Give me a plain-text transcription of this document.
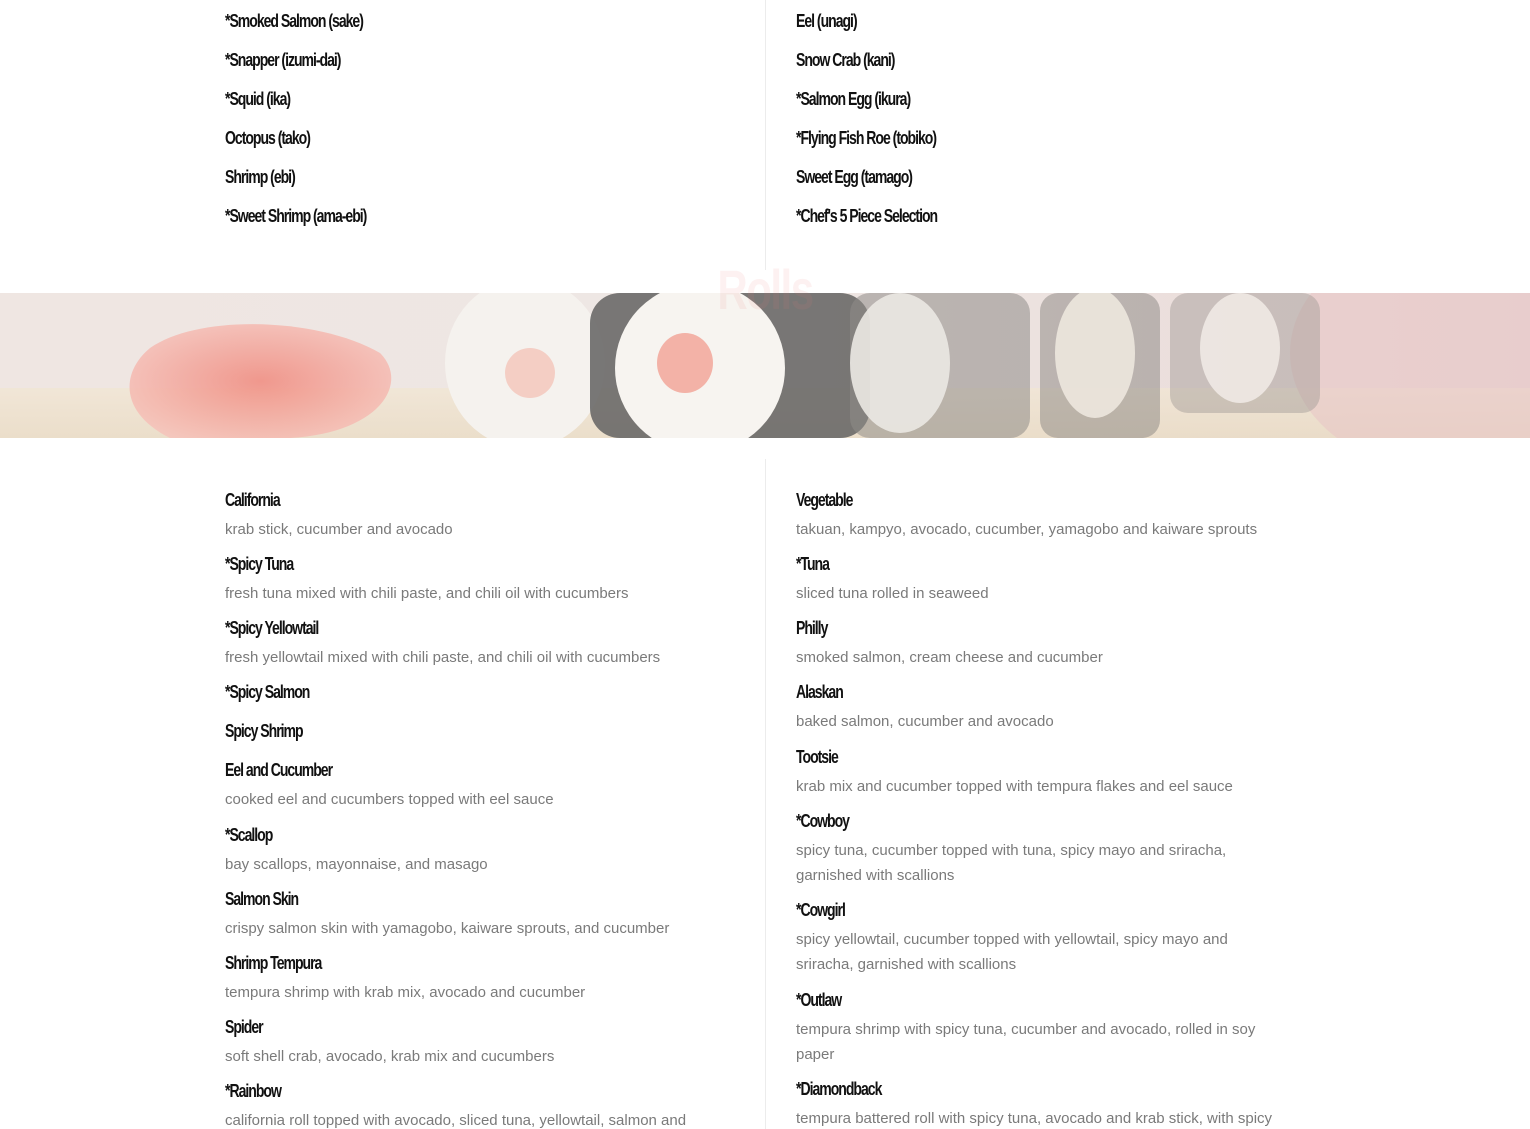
*Smoked Salmon (sake)
*Snapper (izumi-dai)
*Squid (ika)
Octopus (tako)
Shrimp (ebi)
*Sweet Shrimp (ama-ebi)
Eel (unagi)
Snow Crab (kani)
*Salmon Egg (ikura)
*Flying Fish Roe (tobiko)
Sweet Egg (tamago)
*Chef's 5 Piece Selection
Rolls
California
krab stick, cucumber and avocado
*Spicy Tuna
fresh tuna mixed with chili paste, and chili oil with cucumbers
*Spicy Yellowtail
fresh yellowtail mixed with chili paste, and chili oil with cucumbers
*Spicy Salmon
Spicy Shrimp
Eel and Cucumber
cooked eel and cucumbers topped with eel sauce
*Scallop
bay scallops, mayonnaise, and masago
Salmon Skin
crispy salmon skin with yamagobo, kaiware sprouts, and cucumber
Shrimp Tempura
tempura shrimp with krab mix, avocado and cucumber
Spider
soft shell crab, avocado, krab mix and cucumbers
*Rainbow
california roll topped with avocado, sliced tuna, yellowtail, salmon and
Vegetable
takuan, kampyo, avocado, cucumber, yamagobo and kaiware sprouts
*Tuna
sliced tuna rolled in seaweed
Philly
smoked salmon, cream cheese and cucumber
Alaskan
baked salmon, cucumber and avocado
Tootsie
krab mix and cucumber topped with tempura flakes and eel sauce
*Cowboy
spicy tuna, cucumber topped with tuna, spicy mayo and sriracha, garnished with scallions
*Cowgirl
spicy yellowtail, cucumber topped with yellowtail, spicy mayo and sriracha, garnished with scallions
*Outlaw
tempura shrimp with spicy tuna, cucumber and avocado, rolled in soy paper
*Diamondback
tempura battered roll with spicy tuna, avocado and krab stick, with spicy
